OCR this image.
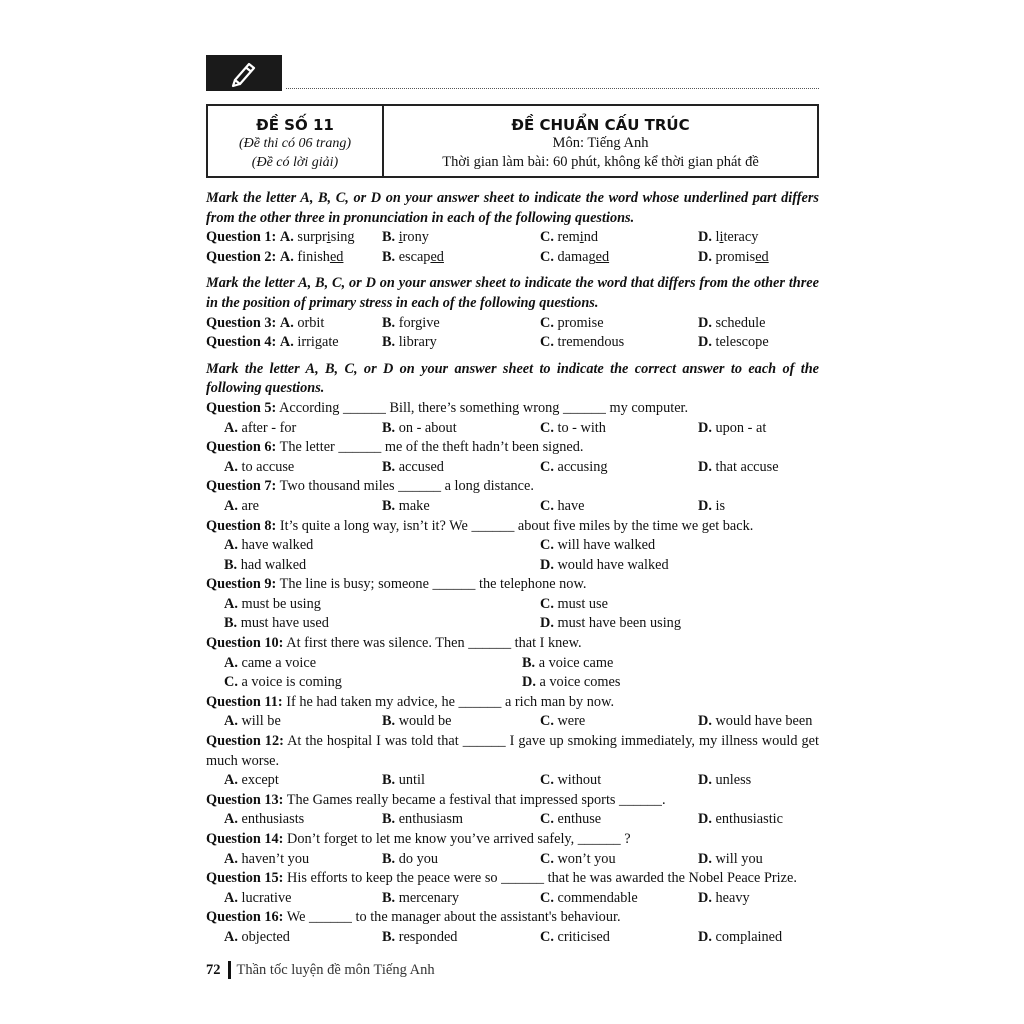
ĐỀ SỐ 11
(Đề thi có 06 trang)
(Đề có lời giải)
ĐỀ CHUẨN CẤU TRÚC
Môn: Tiếng Anh
Thời gian làm bài: 60 phút, không kể thời gian phát đề
Mark the letter A, B, C, or D on your answer sheet to indicate the word whose underlined part differs from the other three in pronunciation in each of the following questions.
Question 1: A. surprising	B. irony	C. remind	D. literacy
Question 2: A. finished	B. escaped	C. damaged	D. promised
Mark the letter A, B, C, or D on your answer sheet to indicate the word that differs from the other three in the position of primary stress in each of the following questions.
Question 3: A. orbit	B. forgive	C. promise	D. schedule
Question 4: A. irrigate	B. library	C. tremendous	D. telescope
Mark the letter A, B, C, or D on your answer sheet to indicate the correct answer to each of the following questions.
Question 5: According ______ Bill, there’s something wrong ______ my computer.
A. after - for	B. on - about	C. to - with	D. upon - at
Question 6: The letter ______ me of the theft hadn’t been signed.
A. to accuse	B. accused	C. accusing	D. that accuse
Question 7: Two thousand miles ______ a long distance.
A. are	B. make	C. have	D. is
Question 8: It’s quite a long way, isn’t it? We ______ about five miles by the time we get back.
A. have walked	C. will have walked
B. had walked	D. would have walked
Question 9: The line is busy; someone ______ the telephone now.
A. must be using	C. must use
B. must have used	D. must have been using
Question 10: At first there was silence. Then ______ that I knew.
A. came a voice	B. a voice came
C. a voice is coming	D. a voice comes
Question 11: If he had taken my advice, he ______ a rich man by now.
A. will be	B. would be	C. were	D. would have been
Question 12: At the hospital I was told that ______ I gave up smoking immediately, my illness would get much worse.
A. except	B. until	C. without	D. unless
Question 13: The Games really became a festival that impressed sports ______.
A. enthusiasts	B. enthusiasm	C. enthuse	D. enthusiastic
Question 14: Don’t forget to let me know you’ve arrived safely, ______ ?
A. haven’t you	B. do you	C. won’t you	D. will you
Question 15: His efforts to keep the peace were so ______ that he was awarded the Nobel Peace Prize.
A. lucrative	B. mercenary	C. commendable	D. heavy
Question 16: We ______ to the manager about the assistant's behaviour.
A. objected	B. responded	C. criticised	D. complained
72 Thần tốc luyện đề môn Tiếng Anh
